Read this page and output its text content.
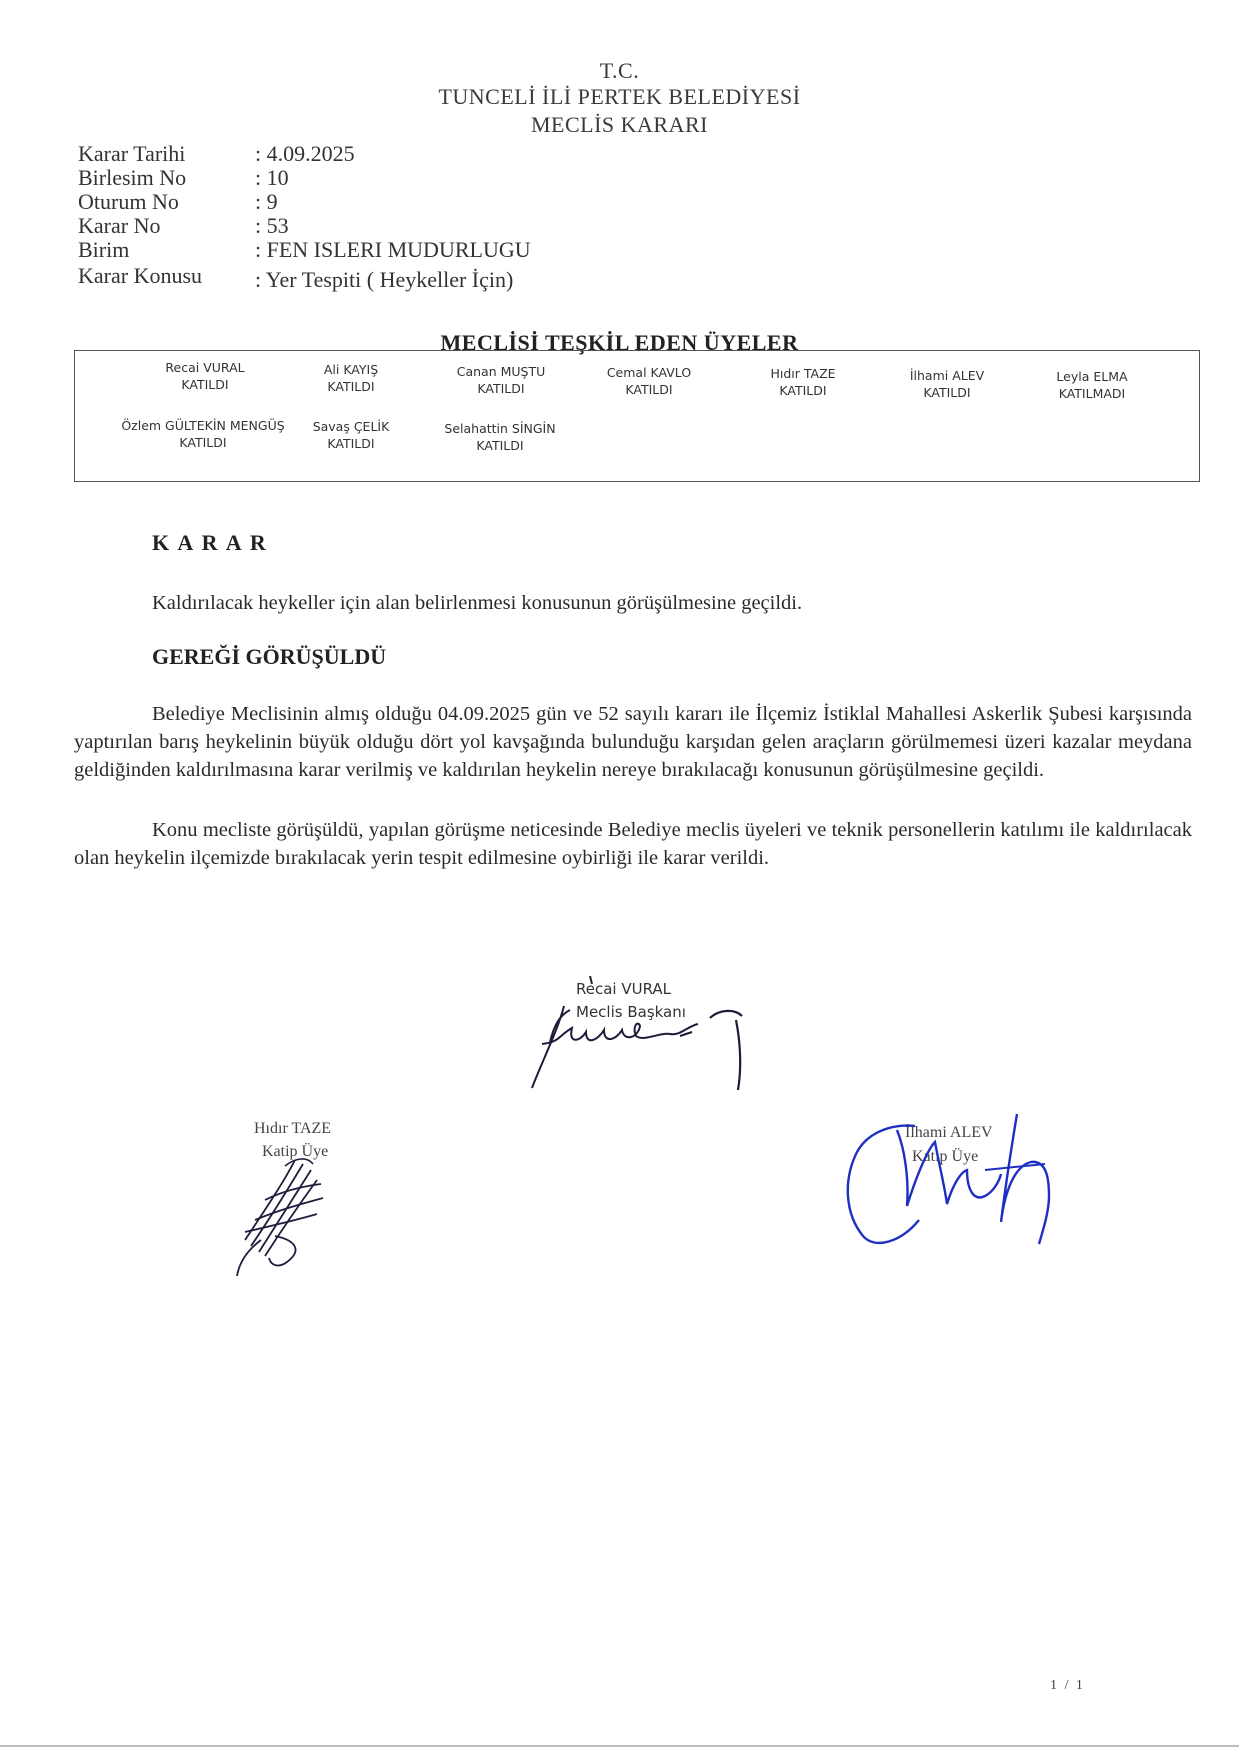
T.C.
TUNCELİ İLİ PERTEK BELEDİYESİ
MECLİS KARARI
Karar Tarihi	: 4.09.2025
Birlesim No	: 10
Oturum No	: 9
Karar No	: 53
Birim	: FEN ISLERI MUDURLUGU
Karar Konusu : Yer Tespiti ( Heykeller İçin)
MECLİSİ TEŞKİL EDEN ÜYELER
Recai VURAL
KATILDI
Ali KAYIŞ
KATILDI
Canan MUŞTU
KATILDI
Cemal KAVLO
KATILDI
Hıdır TAZE
KATILDI
İlhami ALEV
KATILDI
Leyla ELMA
KATILMADI
Özlem GÜLTEKİN MENGÜŞ
KATILDI
Savaş ÇELİK
KATILDI
Selahattin SİNGİN
KATILDI
K A R A R
Kaldırılacak heykeller için alan belirlenmesi konusunun görüşülmesine geçildi.
GEREĞİ GÖRÜŞÜLDÜ
Belediye Meclisinin almış olduğu 04.09.2025 gün ve 52 sayılı kararı ile İlçemiz İstiklal Mahallesi Askerlik Şubesi karşısında yaptırılan barış heykelinin büyük olduğu dört yol kavşağında bulunduğu karşıdan gelen araçların görülmemesi üzeri kazalar meydana geldiğinden kaldırılmasına karar verilmiş ve kaldırılan heykelin nereye bırakılacağı konusunun görüşülmesine geçildi.
Konu mecliste görüşüldü, yapılan görüşme neticesinde Belediye meclis üyeleri ve teknik personellerin katılımı ile kaldırılacak olan heykelin ilçemizde bırakılacak yerin tespit edilmesine oybirliği ile karar verildi.
Recai VURAL
Meclis Başkanı
Hıdır TAZE
Katip Üye
İlhami ALEV
Katip Üye
1 / 1
